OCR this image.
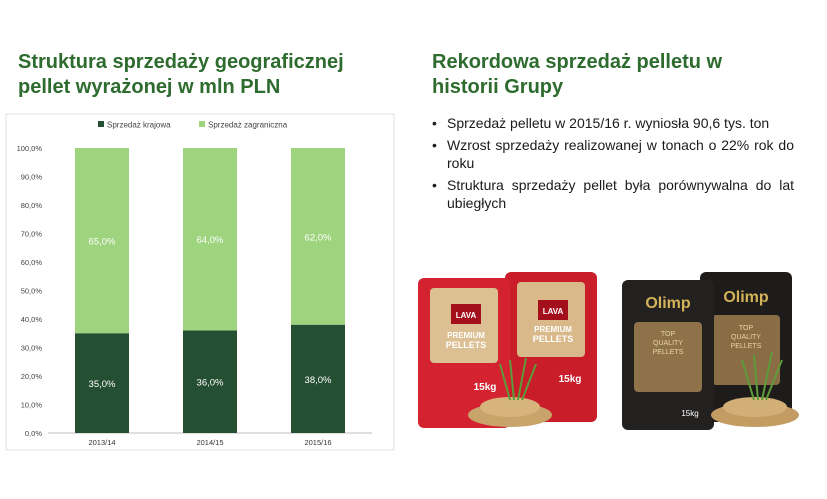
Struktura sprzedaży geograficznej pellet wyrażonej w mln PLN
Rekordowa sprzedaż pelletu w historii Grupy
• Sprzedaż pelletu w 2015/16 r. wyniosła 90,6 tys. ton
• Wzrost sprzedaży realizowanej w tonach o 22% rok do roku
• Struktura sprzedaży pellet była porównywalna do lat ubiegłych
Sprzedaż krajowa	Sprzedaż zagraniczna
0,0%
10,0%
20,0%
30,0%
40,0%
50,0%
60,0%
70,0%
80,0%
90,0%
100,0%
35,0%
65,0%
36,0%
64,0%
38,0%
62,0%
2013/14	2014/15	2015/16
LAVA
PREMIUM
PELLETS
15kg
LAVA
PREMIUM
PELLETS
15kg
Olimp
TOP
QUALITY
PELLETS
Olimp
TOP
QUALITY
PELLETS
15kg
